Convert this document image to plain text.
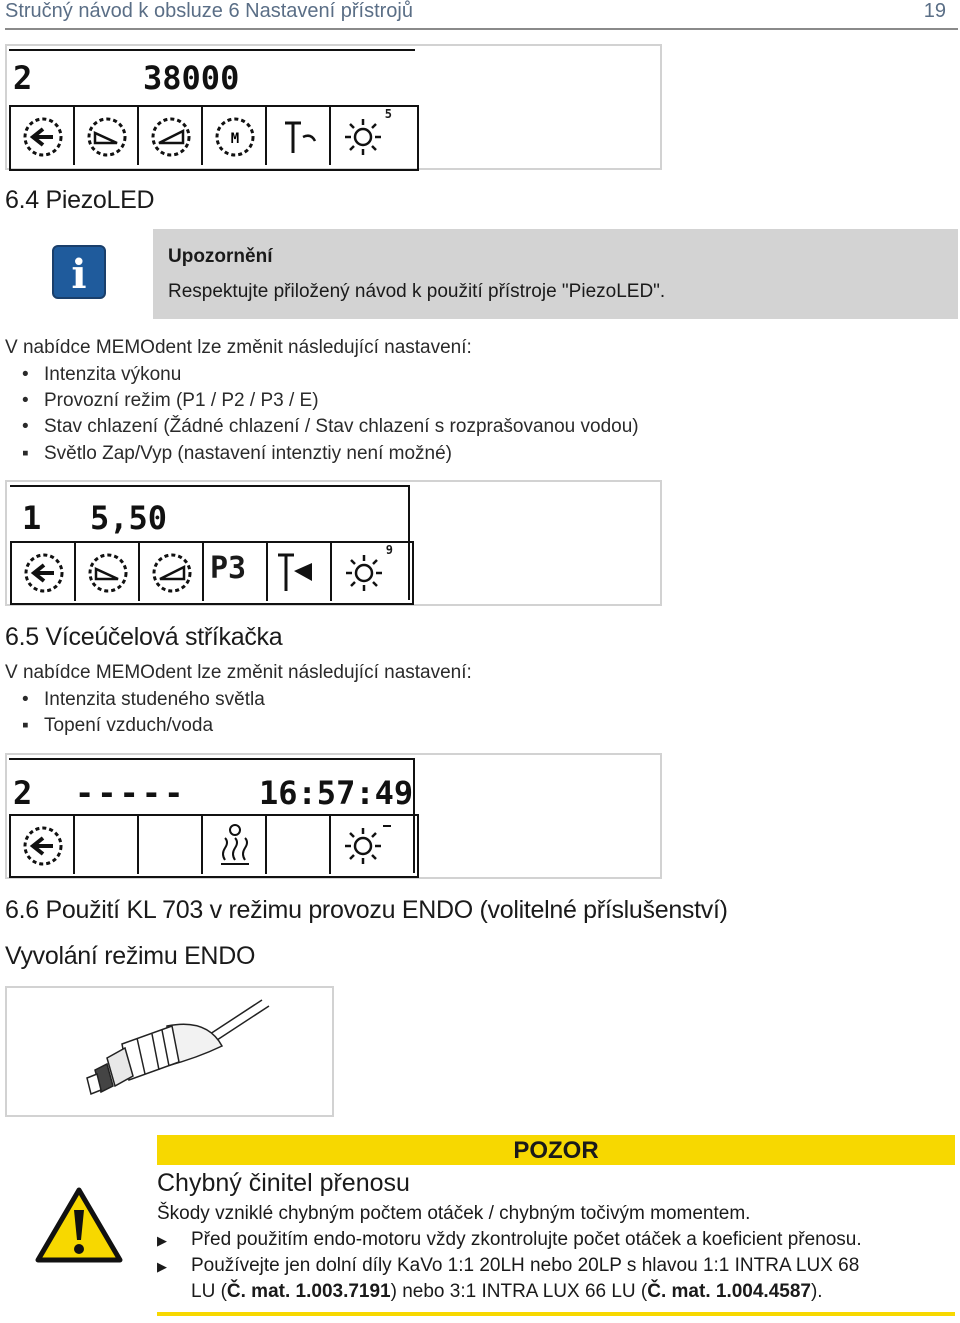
Stručný návod k obsluze 6 Nastavení přístrojů	19
2	38000
M
5
6.4 PiezoLED
i	Upozornění
Respektujte přiložený návod k použití přístroje "PiezoLED".
V nabídce MEMOdent lze změnit následující nastavení:
• Intenzita výkonu
• Provozní režim (P1 / P2 / P3 / E)
• Stav chlazení (Žádné chlazení / Stav chlazení s rozprašovanou vodou)
▪ Světlo Zap/Vyp (nastavení intenztiy není možné)
1 5,50
P3
9
6.5 Víceúčelová stříkačka
V nabídce MEMOdent lze změnit následující nastavení:
• Intenzita studeného světla
▪ Topení vzduch/voda
2 ----- 16:57:49
6.6 Použití KL 703 v režimu provozu ENDO (volitelné příslušenství)
Vyvolání režimu ENDO
POZOR
Chybný činitel přenosu
Škody vzniklé chybným počtem otáček / chybným točivým momentem.
▶ Před použitím endo-motoru vždy zkontrolujte počet otáček a koeficient přenosu.
▶ Používejte jen dolní díly KaVo 1:1 20LH nebo 20LP s hlavou 1:1 INTRA LUX 68
LU (Č. mat. 1.003.7191) nebo 3:1 INTRA LUX 66 LU (Č. mat. 1.004.4587).
